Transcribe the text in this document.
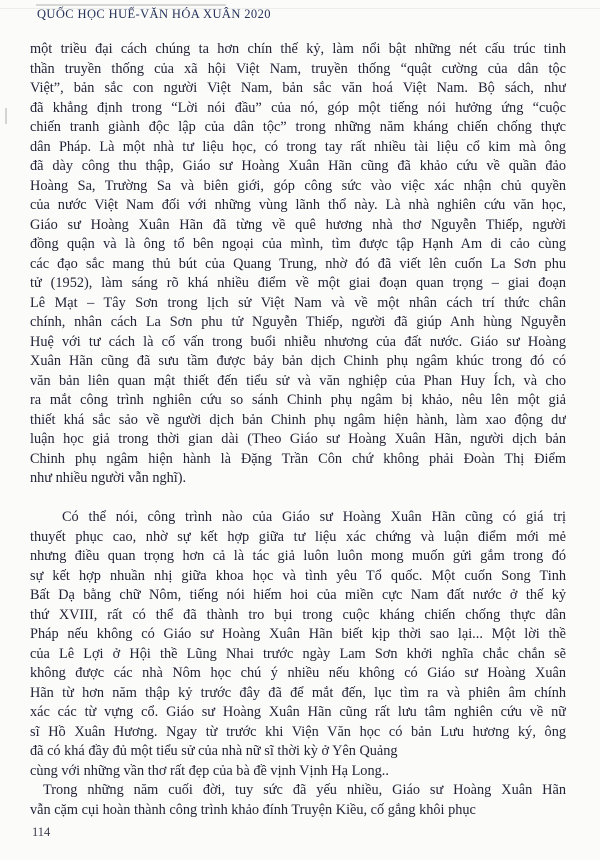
QUỐC HỌC HUẾ-VĂN HÓA XUÂN 2020
một triều đại cách chúng ta hơn chín thế kỷ, làm nổi bật những nét cấu trúc tinh
thần truyền thống của xã hội Việt Nam, truyền thống “quật cường của dân tộc
Việt”, bản sắc con người Việt Nam, bản sắc văn hoá Việt Nam. Bộ sách, như
đã khẳng định trong “Lời nói đầu” của nó, góp một tiếng nói hưởng ứng “cuộc
chiến tranh giành độc lập của dân tộc” trong những năm kháng chiến chống thực
dân Pháp. Là một nhà tư liệu học, có trong tay rất nhiều tài liệu cổ kim mà ông
đã dày công thu thập, Giáo sư Hoàng Xuân Hãn cũng đã khảo cứu về quần đảo
Hoàng Sa, Trường Sa và biên giới, góp công sức vào việc xác nhận chủ quyền
của nước Việt Nam đối với những vùng lãnh thổ này. Là nhà nghiên cứu văn học,
Giáo sư Hoàng Xuân Hãn đã từng về quê hương nhà thơ Nguyễn Thiếp, người
đồng quận và là ông tổ bên ngoại của mình, tìm được tập Hạnh Am di cảo cùng
các đạo sắc mang thủ bút của Quang Trung, nhờ đó đã viết lên cuốn La Sơn phu
tử (1952), làm sáng rõ khá nhiều điểm về một giai đoạn quan trọng – giai đoạn
Lê Mạt – Tây Sơn trong lịch sử Việt Nam và về một nhân cách trí thức chân
chính, nhân cách La Sơn phu tử Nguyễn Thiếp, người đã giúp Anh hùng Nguyễn
Huệ với tư cách là cố vấn trong buổi nhiễu nhương của đất nước. Giáo sư Hoàng
Xuân Hãn cũng đã sưu tầm được bảy bản dịch Chinh phụ ngâm khúc trong đó có
văn bản liên quan mật thiết đến tiểu sử và văn nghiệp của Phan Huy Ích, và cho
ra mắt công trình nghiên cứu so sánh Chinh phụ ngâm bị khảo, nêu lên một giả
thiết khá sắc sảo về người dịch bản Chinh phụ ngâm hiện hành, làm xao động dư
luận học giả trong thời gian dài (Theo Giáo sư Hoàng Xuân Hãn, người dịch bản
Chinh phụ ngâm hiện hành là Đặng Trần Côn chứ không phải Đoàn Thị Điểm
như nhiều người vẫn nghĩ).
Có thể nói, công trình nào của Giáo sư Hoàng Xuân Hãn cũng có giá trị
thuyết phục cao, nhờ sự kết hợp giữa tư liệu xác chứng và luận điểm mới mẻ
nhưng điều quan trọng hơn cả là tác giả luôn luôn mong muốn gửi gắm trong đó
sự kết hợp nhuần nhị giữa khoa học và tình yêu Tổ quốc. Một cuốn Song Tinh
Bất Dạ bằng chữ Nôm, tiếng nói hiếm hoi của miền cực Nam đất nước ở thế kỷ
thứ XVIII, rất có thể đã thành tro bụi trong cuộc kháng chiến chống thực dân
Pháp nếu không có Giáo sư Hoàng Xuân Hãn biết kịp thời sao lại... Một lời thề
của Lê Lợi ở Hội thề Lũng Nhai trước ngày Lam Sơn khởi nghĩa chắc chắn sẽ
không được các nhà Nôm học chú ý nhiều nếu không có Giáo sư Hoàng Xuân
Hãn từ hơn năm thập kỷ trước đây đã để mắt đến, lục tìm ra và phiên âm chính
xác các từ vựng cổ. Giáo sư Hoàng Xuân Hãn cũng rất lưu tâm nghiên cứu về nữ
sĩ Hồ Xuân Hương. Ngay từ trước khi Viện Văn học có bản Lưu hương ký, ông
đã có khá đầy đủ một tiểu sử của nhà nữ sĩ thời kỳ ở Yên Quảng
cùng với những vần thơ rất đẹp của bà đề vịnh Vịnh Hạ Long..
Trong những năm cuối đời, tuy sức đã yếu nhiều, Giáo sư Hoàng Xuân Hãn
vẫn cặm cụi hoàn thành công trình khảo đính Truyện Kiều, cố gắng khôi phục
114
